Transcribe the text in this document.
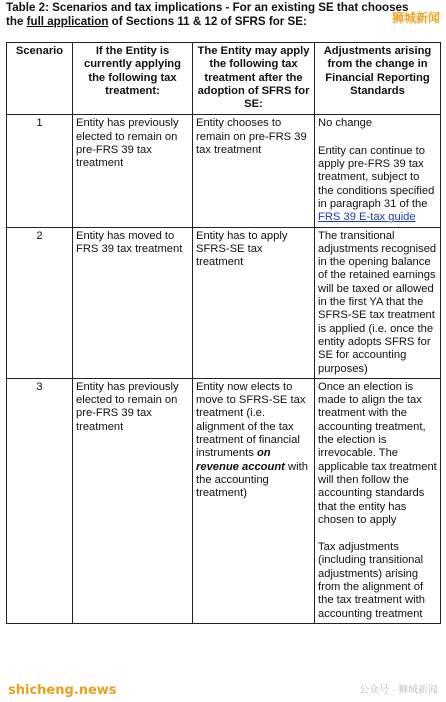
Table 2: Scenarios and tax implications - For an existing SE that chooses
the full application of Sections 11 & 12 of SFRS for SE:	狮城新闻
Scenario	If the Entity is currently applying the following tax treatment:	The Entity may apply the following tax treatment after the adoption of SFRS for SE:	Adjustments arising from the change in Financial Reporting Standards
1	Entity has previously elected to remain on pre-FRS 39 tax treatment	Entity chooses to remain on pre-FRS 39 tax treatment	No change
Entity can continue to apply pre-FRS 39 tax treatment, subject to the conditions specified in paragraph 31 of the FRS 39 E-tax guide

2	Entity has moved to FRS 39 tax treatment	Entity has to apply SFRS-SE tax treatment	The transitional adjustments recognised in the opening balance of the retained earnings will be taxed or allowed in the first YA that the SFRS-SE tax treatment is applied (i.e. once the entity adopts SFRS for SE for accounting purposes)
3	Entity has previously elected to remain on pre-FRS 39 tax treatment	Entity now elects to move to SFRS-SE tax treatment (i.e. alignment of the tax treatment of financial instruments on revenue account with the accounting treatment)	Once an election is made to align the tax treatment with the accounting treatment, the election is irrevocable. The applicable tax treatment will then follow the accounting standards that the entity has chosen to apply
Tax adjustments (including transitional adjustments) arising from the alignment of the tax treatment with accounting treatment
shicheng.news	公众号 · 狮城新闻
